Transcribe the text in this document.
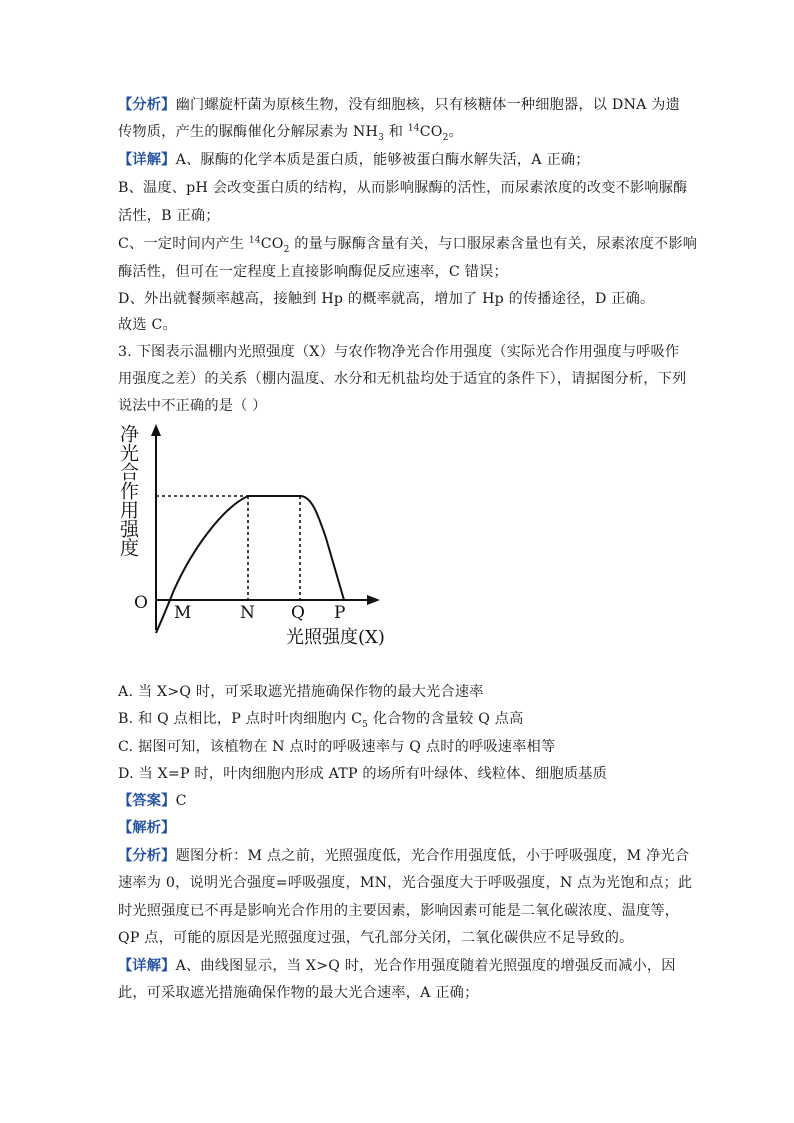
【分析】幽门螺旋杆菌为原核生物，没有细胞核，只有核糖体一种细胞器，以 DNA 为遗
传物质，产生的脲酶催化分解尿素为 $NH_3$ 和 $^{14}CO_2$。
【详解】A、脲酶的化学本质是蛋白质，能够被蛋白酶水解失活，A 正确；
B、温度、pH 会改变蛋白质的结构，从而影响脲酶的活性，而尿素浓度的改变不影响脲酶
活性，B 正确；
C、一定时间内产生 $^{14}CO_2$ 的量与脲酶含量有关，与口服尿素含量也有关，尿素浓度不影响
酶活性，但可在一定程度上直接影响酶促反应速率，C 错误；
D、外出就餐频率越高，接触到 Hp 的概率就高，增加了 Hp 的传播途径，D 正确。
故选 C。
3. 下图表示温棚内光照强度（X）与农作物净光合作用强度（实际光合作用强度与呼吸作
用强度之差）的关系（棚内温度、水分和无机盐均处于适宜的条件下），请据图分析，下列
说法中不正确的是（ ）
净光合作用强度
O M	N Q P
光照强度(X)
A. 当 X>Q 时，可采取遮光措施确保作物的最大光合速率
B. 和 Q 点相比，P 点时叶肉细胞内 $C_5$ 化合物的含量较 Q 点高
C. 据图可知，该植物在 N 点时的呼吸速率与 Q 点时的呼吸速率相等
D. 当 X=P 时，叶肉细胞内形成 ATP 的场所有叶绿体、线粒体、细胞质基质
【答案】C
【解析】
【分析】题图分析：M 点之前，光照强度低，光合作用强度低，小于呼吸强度，M 净光合
速率为 0，说明光合强度=呼吸强度，MN，光合强度大于呼吸强度，N 点为光饱和点；此
时光照强度已不再是影响光合作用的主要因素，影响因素可能是二氧化碳浓度、温度等，
QP 点，可能的原因是光照强度过强，气孔部分关闭，二氧化碳供应不足导致的。
【详解】A、曲线图显示，当 X>Q 时，光合作用强度随着光照强度的增强反而减小，因
此，可采取遮光措施确保作物的最大光合速率，A 正确；
